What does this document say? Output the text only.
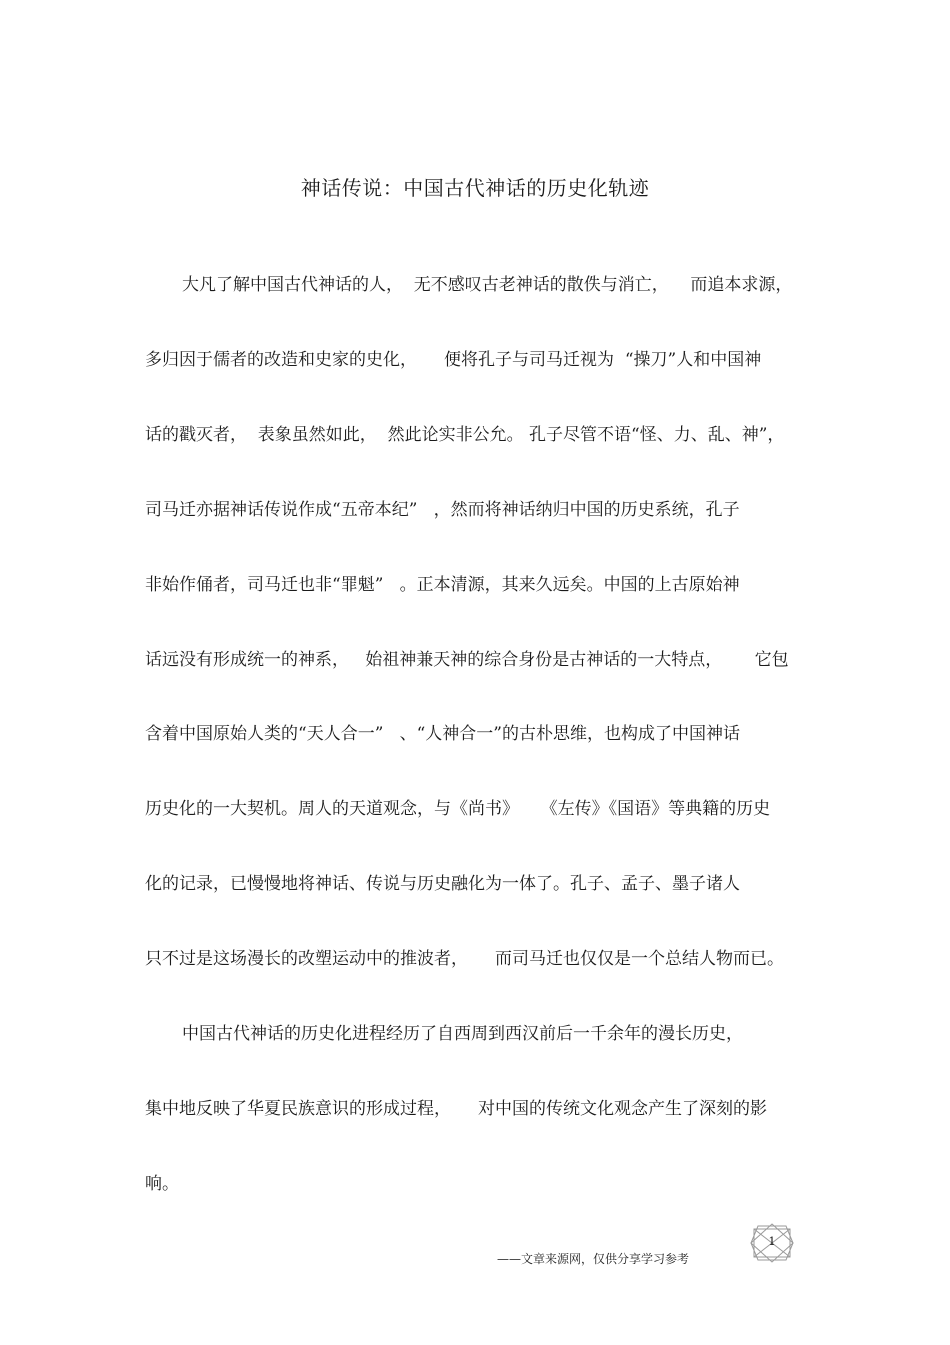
神话传说：中国古代神话的历史化轨迹
大凡了解中国古代神话的人，  无不感叹古老神话的散佚与消亡，    而追本求源，
多归因于儒者的改造和史家的史化，     便将孔子与司马迁视为  “操刀”人和中国神
话的戳灭者，  表象虽然如此，  然此论实非公允。 孔子尽管不语“怪、力、乱、神”，
司马迁亦据神话传说作成“五帝本纪”   ，然而将神话纳归中国的历史系统，孔子
非始作俑者，司马迁也非“罪魁”   。正本清源，其来久远矣。中国的上古原始神
话远没有形成统一的神系，   始祖神兼天神的综合身份是古神话的一大特点，      它包
含着中国原始人类的“天人合一”   、“人神合一”的古朴思维，也构成了中国神话
历史化的一大契机。周人的天道观念，与《尚书》    《左传》《国语》等典籍的历史
化的记录，已慢慢地将神话、传说与历史融化为一体了。孔子、孟子、墨子诸人
只不过是这场漫长的改塑运动中的推波者，     而司马迁也仅仅是一个总结人物而已。
中国古代神话的历史化进程经历了自西周到西汉前后一千余年的漫长历史，
集中地反映了华夏民族意识的形成过程，     对中国的传统文化观念产生了深刻的影
响。
——文章来源网，仅供分享学习参考
1
